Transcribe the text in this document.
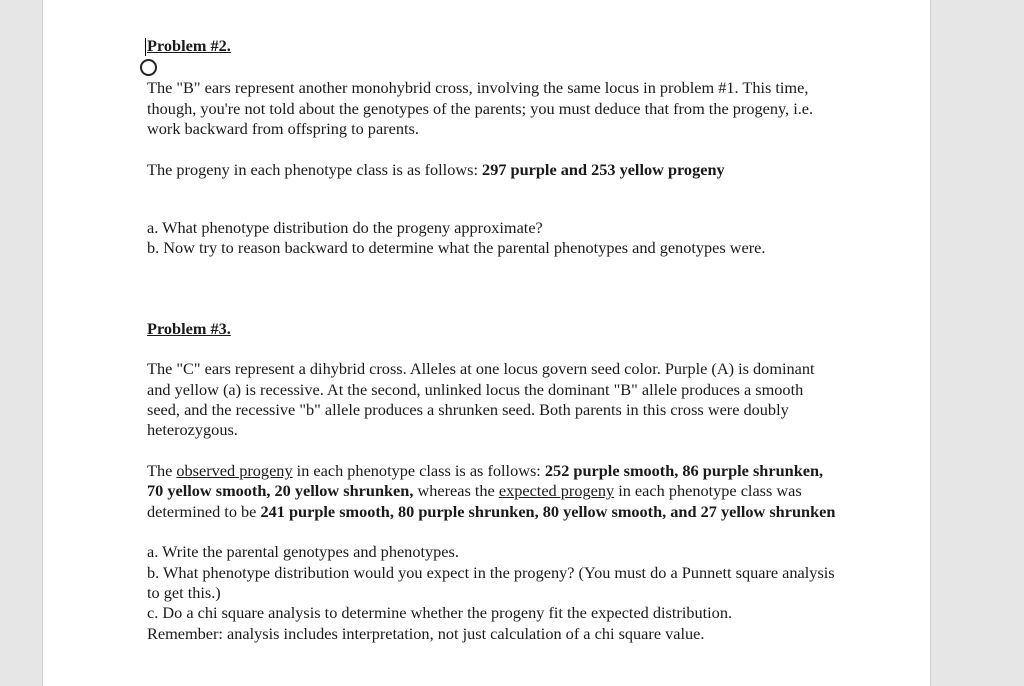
Problem #2.

The "B" ears represent another monohybrid cross, involving the same locus in problem #1. This time, though, you're not told about the genotypes of the parents; you must deduce that from the progeny, i.e. work backward from offspring to parents.

The progeny in each phenotype class is as follows: 297 purple and 253 yellow progeny

a. What phenotype distribution do the progeny approximate?

b. Now try to reason backward to determine what the parental phenotypes and genotypes were.

Problem #3.

The "C" ears represent a dihybrid cross. Alleles at one locus govern seed color. Purple (A) is dominant and yellow (a) is recessive. At the second, unlinked locus the dominant "B" allele produces a smooth seed, and the recessive "b" allele produces a shrunken seed. Both parents in this cross were doubly heterozygous.

The observed progeny in each phenotype class is as follows: 252 purple smooth, 86 purple shrunken, 70 yellow smooth, 20 yellow shrunken, whereas the expected progeny in each phenotype class was determined to be 241 purple smooth, 80 purple shrunken, 80 yellow smooth, and 27 yellow shrunken

a. Write the parental genotypes and phenotypes.

b. What phenotype distribution would you expect in the progeny? (You must do a Punnett square analysis to get this.)

c. Do a chi square analysis to determine whether the progeny fit the expected distribution.

Remember: analysis includes interpretation, not just calculation of a chi square value.
